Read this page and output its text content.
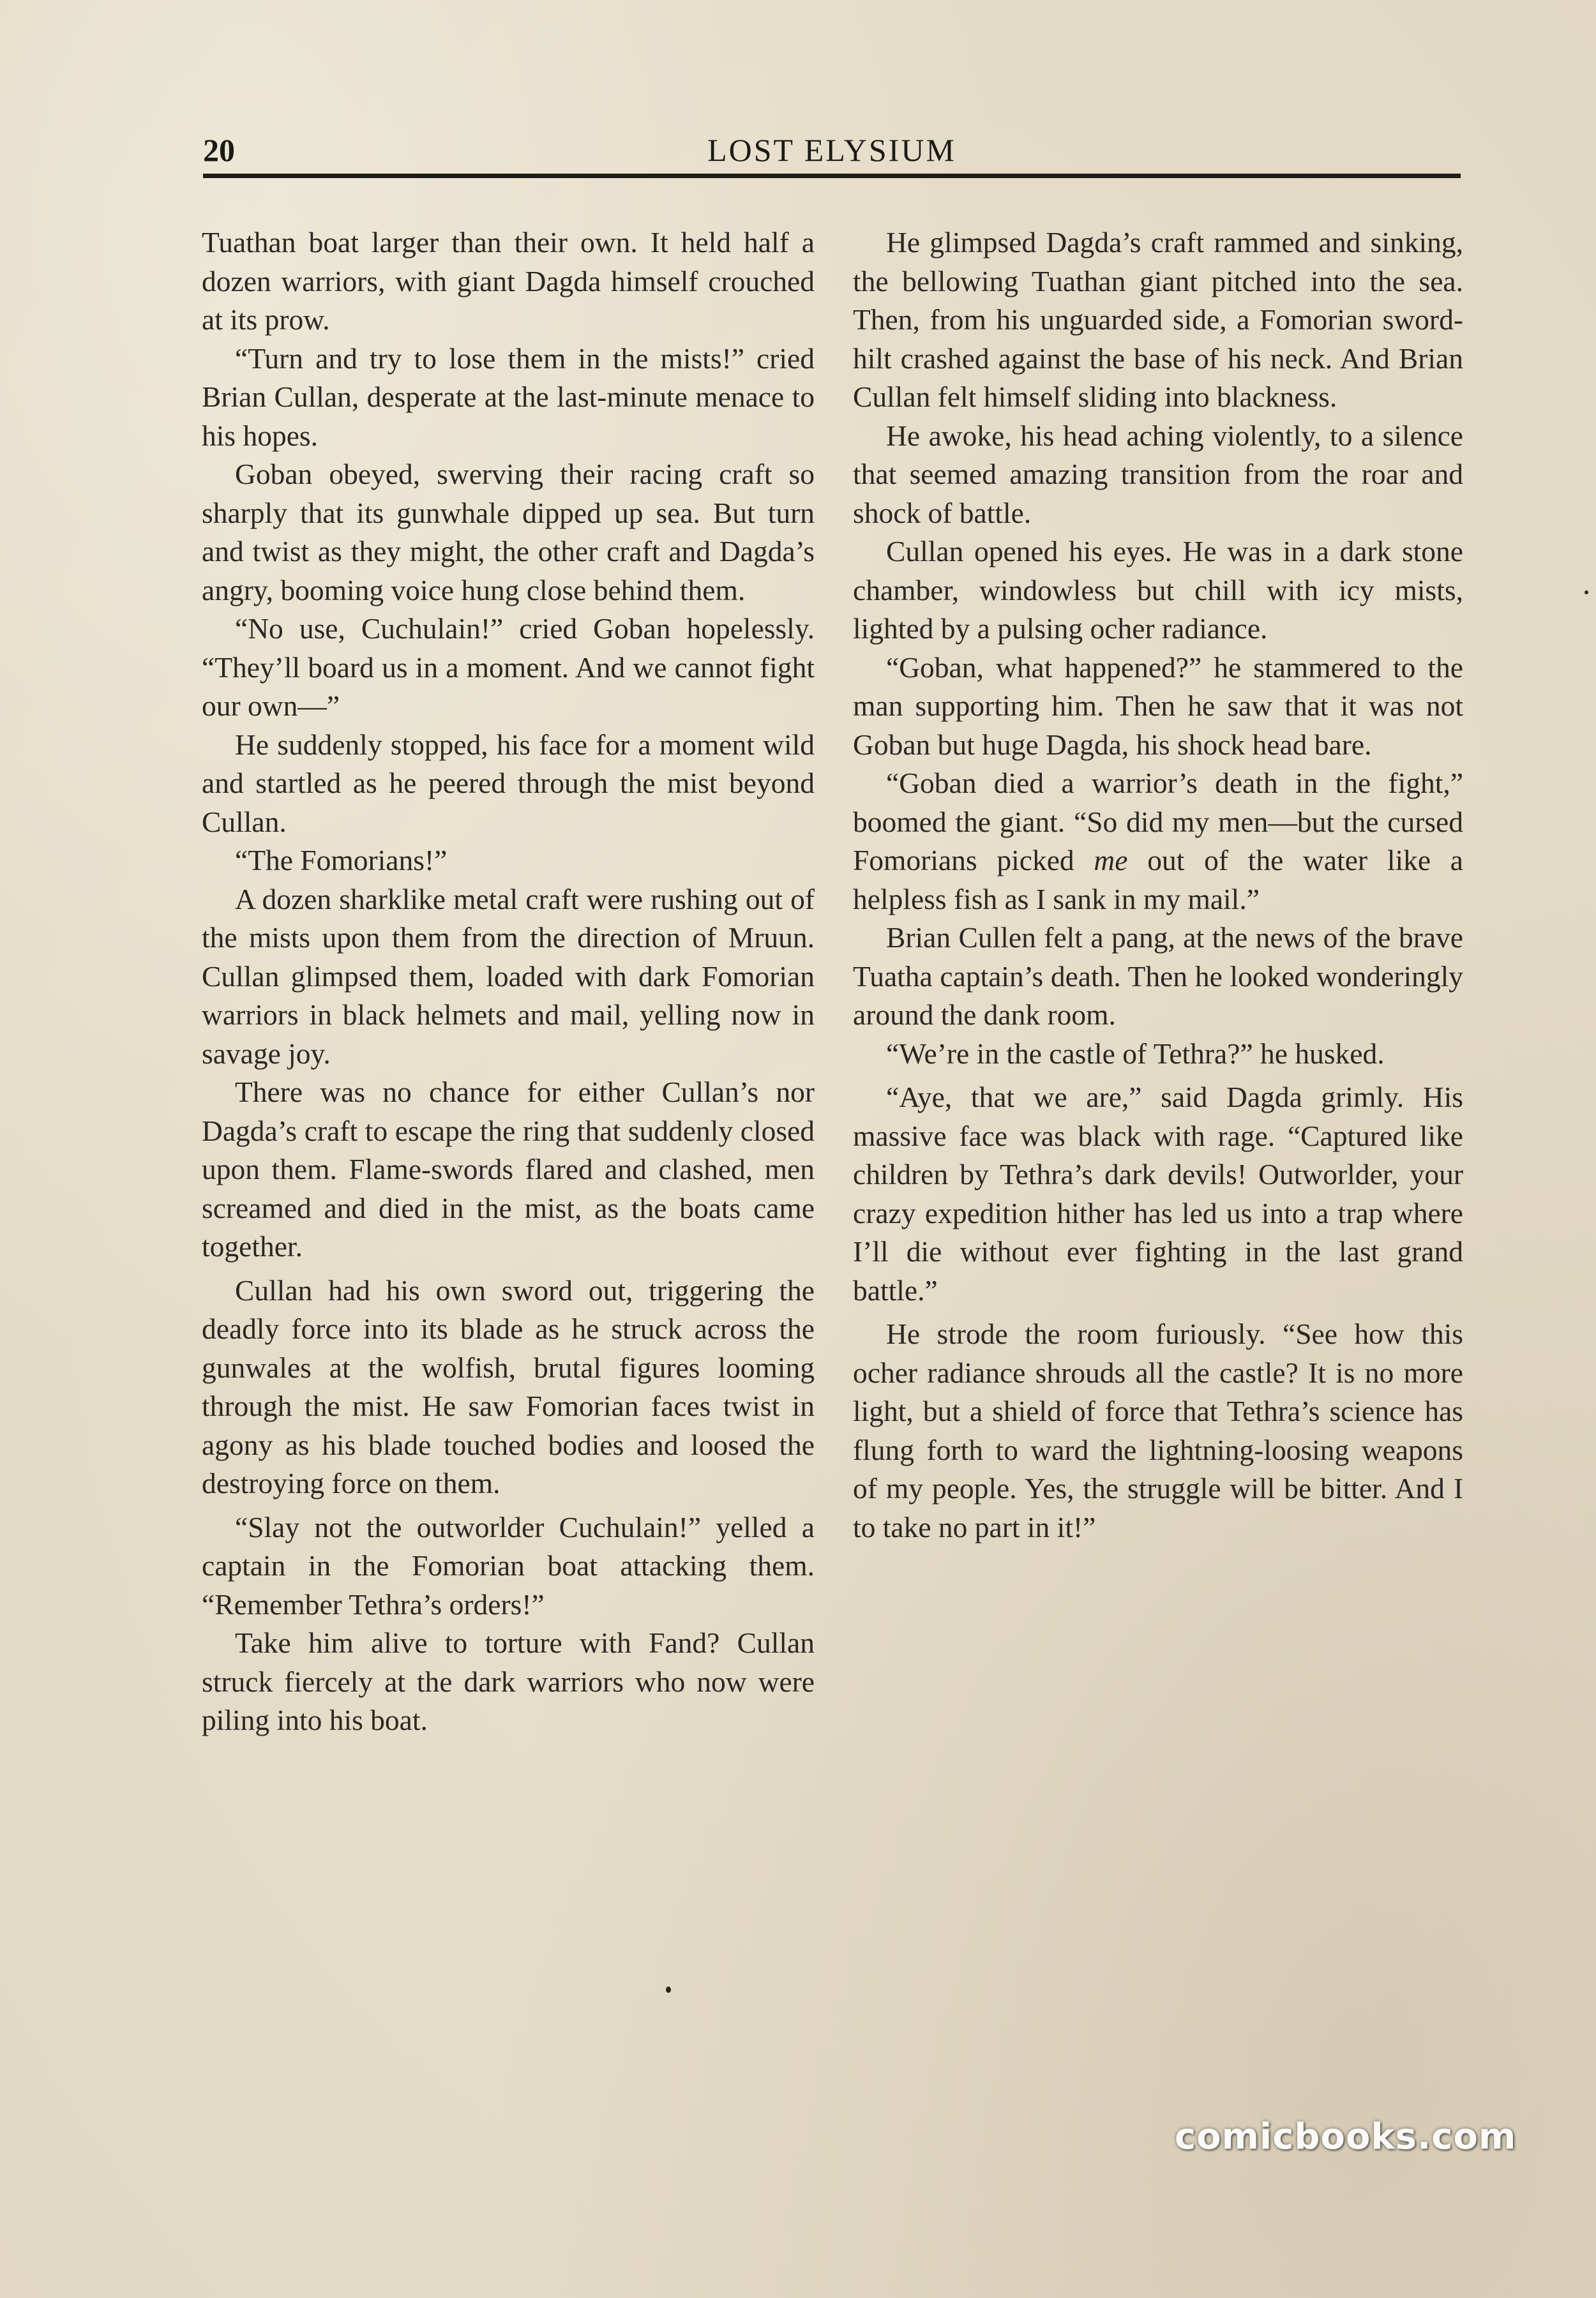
20	LOST ELYSIUM

Tuathan boat larger than their own. It held half a dozen warriors, with giant Dagda himself crouched at its prow.

“Turn and try to lose them in the mists!” cried Brian Cullan, desperate at the last-minute menace to his hopes.

Goban obeyed, swerving their racing craft so sharply that its gunwhale dipped up sea. But turn and twist as they might, the other craft and Dagda’s angry, booming voice hung close behind them.

“No use, Cuchulain!” cried Goban hopelessly. “They’ll board us in a moment. And we cannot fight our own—”

He suddenly stopped, his face for a moment wild and startled as he peered through the mist beyond Cullan.

“The Fomorians!”

A dozen sharklike metal craft were rushing out of the mists upon them from the direction of Mruun. Cullan glimpsed them, loaded with dark Fomorian warriors in black helmets and mail, yelling now in savage joy.

There was no chance for either Cullan’s nor Dagda’s craft to escape the ring that suddenly closed upon them. Flame-swords flared and clashed, men screamed and died in the mist, as the boats came together.

Cullan had his own sword out, triggering the deadly force into its blade as he struck across the gunwales at the wolfish, brutal figures looming through the mist. He saw Fomorian faces twist in agony as his blade touched bodies and loosed the destroying force on them.

“Slay not the outworlder Cuchulain!” yelled a captain in the Fomorian boat attacking them. “Remember Tethra’s orders!”

Take him alive to torture with Fand? Cullan struck fiercely at the dark warriors who now were piling into his boat.

He glimpsed Dagda’s craft rammed and sinking, the bellowing Tuathan giant pitched into the sea. Then, from his unguarded side, a Fomorian sword-hilt crashed against the base of his neck. And Brian Cullan felt himself sliding into blackness.

He awoke, his head aching violently, to a silence that seemed amazing transition from the roar and shock of battle.

Cullan opened his eyes. He was in a dark stone chamber, windowless but chill with icy mists, lighted by a pulsing ocher radiance.

“Goban, what happened?” he stammered to the man supporting him. Then he saw that it was not Goban but huge Dagda, his shock head bare.

“Goban died a warrior’s death in the fight,” boomed the giant. “So did my men—but the cursed Fomorians picked me out of the water like a helpless fish as I sank in my mail.”

Brian Cullen felt a pang, at the news of the brave Tuatha captain’s death. Then he looked wonderingly around the dank room.

“We’re in the castle of Tethra?” he husked.

“Aye, that we are,” said Dagda grimly. His massive face was black with rage. “Captured like children by Tethra’s dark devils! Outworlder, your crazy expedition hither has led us into a trap where I’ll die without ever fighting in the last grand battle.”

He strode the room furiously. “See how this ocher radiance shrouds all the castle? It is no more light, but a shield of force that Tethra’s science has flung forth to ward the lightning-loosing weapons of my people. Yes, the struggle will be bitter. And I to take no part in it!”

comicbooks.com
